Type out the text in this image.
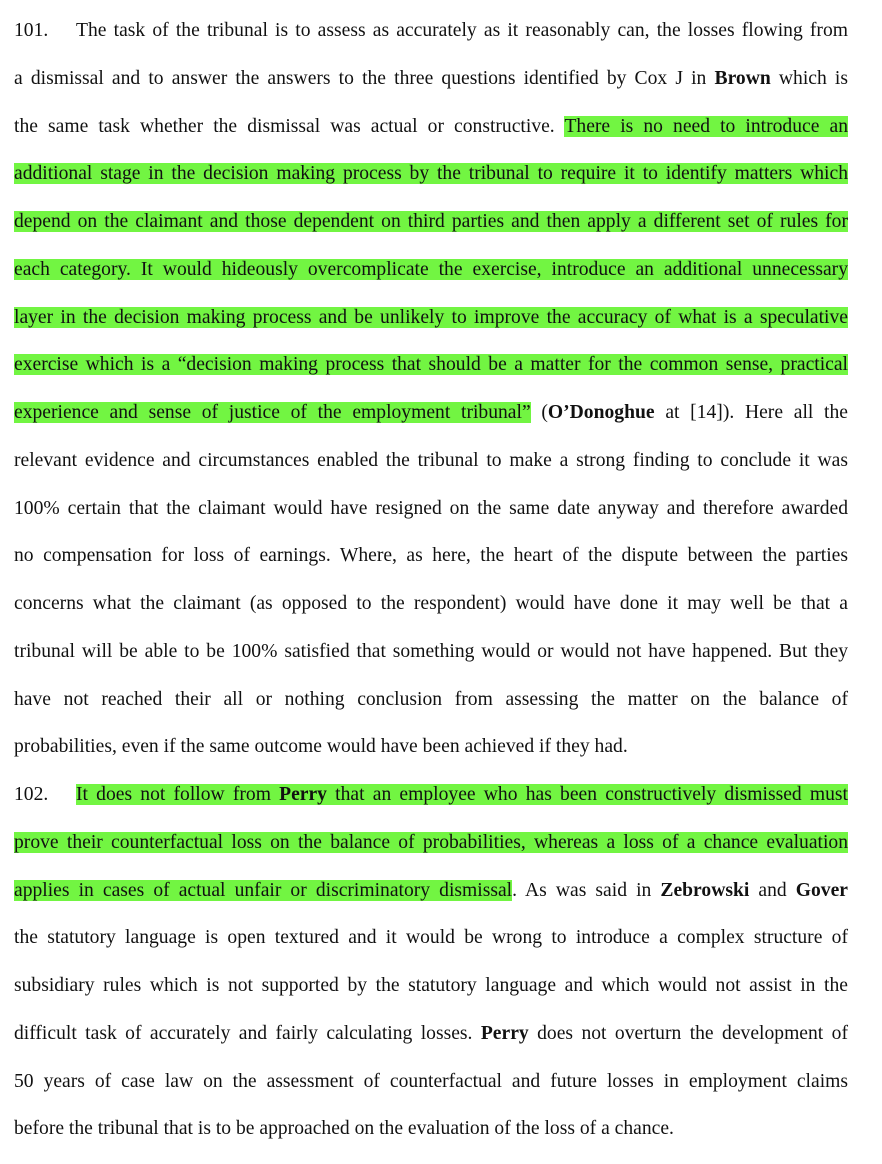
101. The task of the tribunal is to assess as accurately as it reasonably can, the losses flowing from
a dismissal and to answer the answers to the three questions identified by Cox J in Brown which is
the same task whether the dismissal was actual or constructive. There is no need to introduce an
additional stage in the decision making process by the tribunal to require it to identify matters which
depend on the claimant and those dependent on third parties and then apply a different set of rules for
each category. It would hideously overcomplicate the exercise, introduce an additional unnecessary
layer in the decision making process and be unlikely to improve the accuracy of what is a speculative
exercise which is a “decision making process that should be a matter for the common sense, practical
experience and sense of justice of the employment tribunal” (O’Donoghue at [14]). Here all the
relevant evidence and circumstances enabled the tribunal to make a strong finding to conclude it was
100% certain that the claimant would have resigned on the same date anyway and therefore awarded
no compensation for loss of earnings. Where, as here, the heart of the dispute between the parties
concerns what the claimant (as opposed to the respondent) would have done it may well be that a
tribunal will be able to be 100% satisfied that something would or would not have happened. But they
have not reached their all or nothing conclusion from assessing the matter on the balance of
probabilities, even if the same outcome would have been achieved if they had.
102. It does not follow from Perry that an employee who has been constructively dismissed must
prove their counterfactual loss on the balance of probabilities, whereas a loss of a chance evaluation
applies in cases of actual unfair or discriminatory dismissal. As was said in Zebrowski and Gover
the statutory language is open textured and it would be wrong to introduce a complex structure of
subsidiary rules which is not supported by the statutory language and which would not assist in the
difficult task of accurately and fairly calculating losses. Perry does not overturn the development of
50 years of case law on the assessment of counterfactual and future losses in employment claims
before the tribunal that is to be approached on the evaluation of the loss of a chance.
